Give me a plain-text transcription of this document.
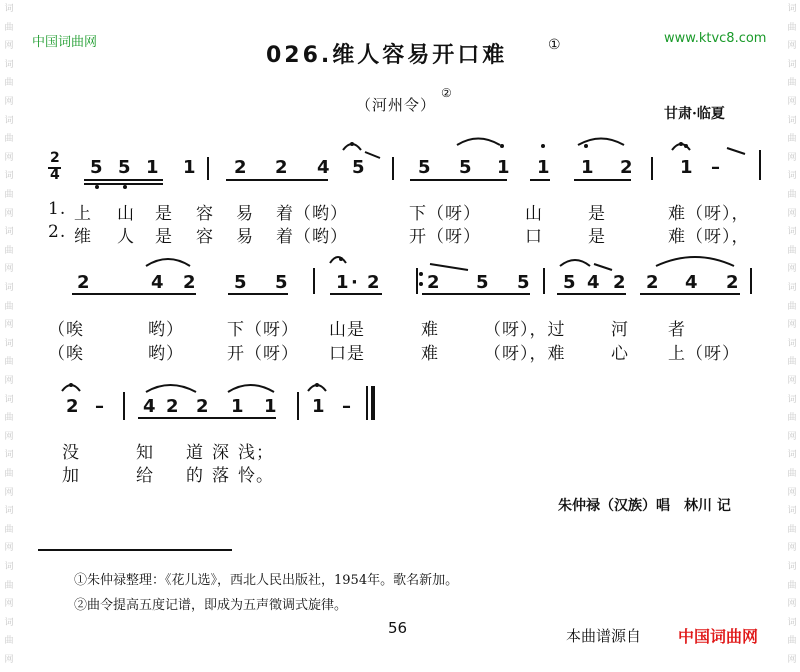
词
曲
网
词
曲
网
词
曲
网
词
曲
网
词
曲
网
词
曲
网
词
曲
网
词
曲
网
词
曲
网
词
曲
网
词
曲
网
词
曲
网
词
曲
网
词
曲
网
词
曲
网
词
曲
网
词
曲
网
词
曲
网
词
曲
网
词
曲
网
词
曲
网
词
曲
网
词
曲
网
词
曲
网
中国词曲网	www.ktvc8.com
026.维人容易开口难	①
（河州令）
②
甘肃·临夏
2
4 5 5 1 1 2 2 4 5	5 5 1 1 1 2	1 –
2	4 2 5 5	1 · 2	2 5 5 5 4 2 2 4 2
2 – 4 2 2 1 1 1 –
1. 上 山 是 容 易 着（哟）	下（呀）	山	是	难（呀），
2. 维 人 是 容 易 着（哟）	开（呀）	口	是	难（呀），
（唉	哟）	下（呀） 山是	难	（呀），过	河 者
（唉	哟）	开（呀） 口是	难	（呀），难	心 上（呀）
没	知 道 深 浅；
加	给 的 落 怜。
朱仲禄（汉族）唱　林川 记
①朱仲禄整理：《花儿选》，西北人民出版社，1954年。歌名新加。
②曲令提高五度记谱，即成为五声徵调式旋律。
56	本曲谱源自 中国词曲网
